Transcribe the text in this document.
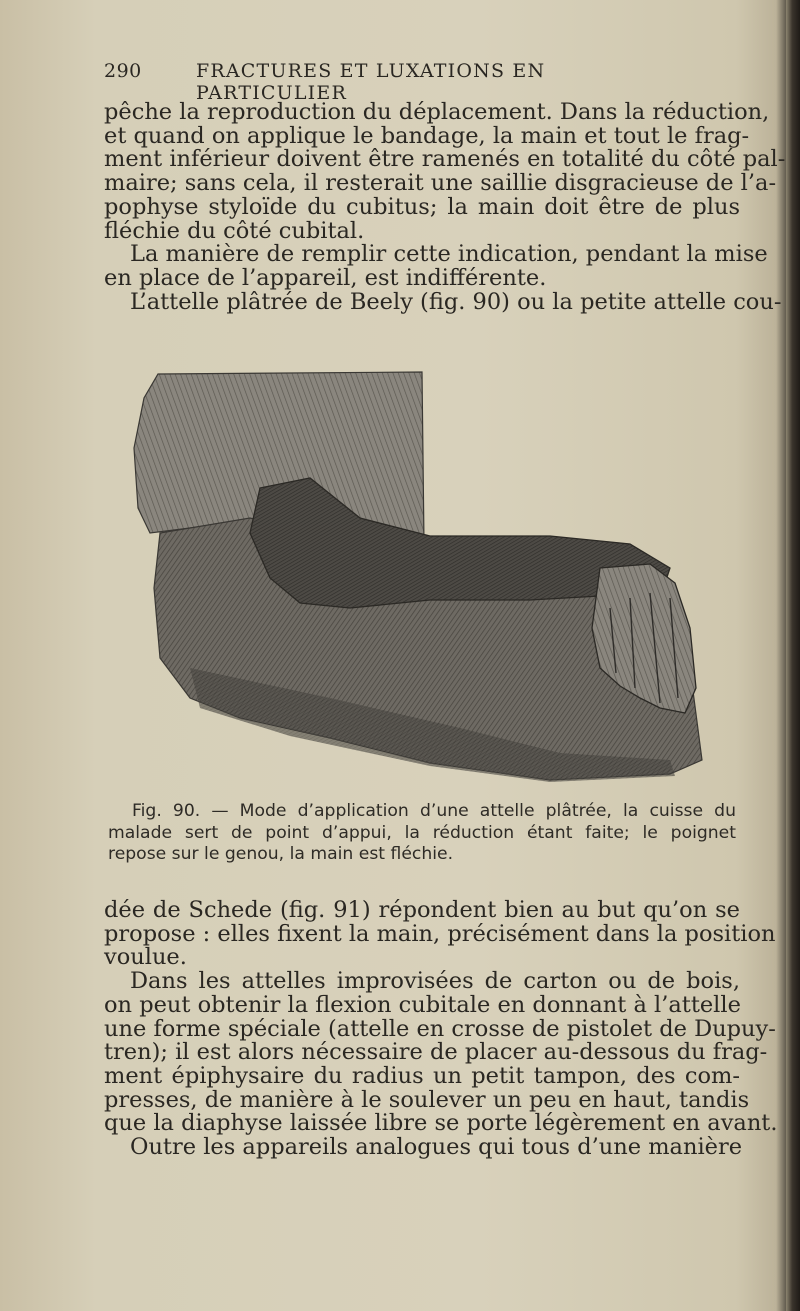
290	FRACTURES ET LUXATIONS EN PARTICULIER
pêche la reproduction du déplacement. Dans la réduction,
et quand on applique le bandage, la main et tout le frag-
ment inférieur doivent être ramenés en totalité du côté pal-
maire; sans cela, il resterait une saillie disgracieuse de l’a-
pophyse styloïde du cubitus; la main doit être de plus
fléchie du côté cubital.
La manière de remplir cette indication, pendant la mise
en place de l’appareil, est indifférente.
L’attelle plâtrée de Beely (fig. 90) ou la petite attelle cou-
Fig. 90. — Mode d’application d’une attelle plâtrée, la cuisse du
malade sert de point d’appui, la réduction étant faite; le poignet
repose sur le genou, la main est fléchie.
dée de Schede (fig. 91) répondent bien au but qu’on se
propose : elles fixent la main, précisément dans la position
voulue.
Dans les attelles improvisées de carton ou de bois,
on peut obtenir la flexion cubitale en donnant à l’attelle
une forme spéciale (attelle en crosse de pistolet de Dupuy-
tren); il est alors nécessaire de placer au-dessous du frag-
ment épiphysaire du radius un petit tampon, des com-
presses, de manière à le soulever un peu en haut, tandis
que la diaphyse laissée libre se porte légèrement en avant.
Outre les appareils analogues qui tous d’une manière
